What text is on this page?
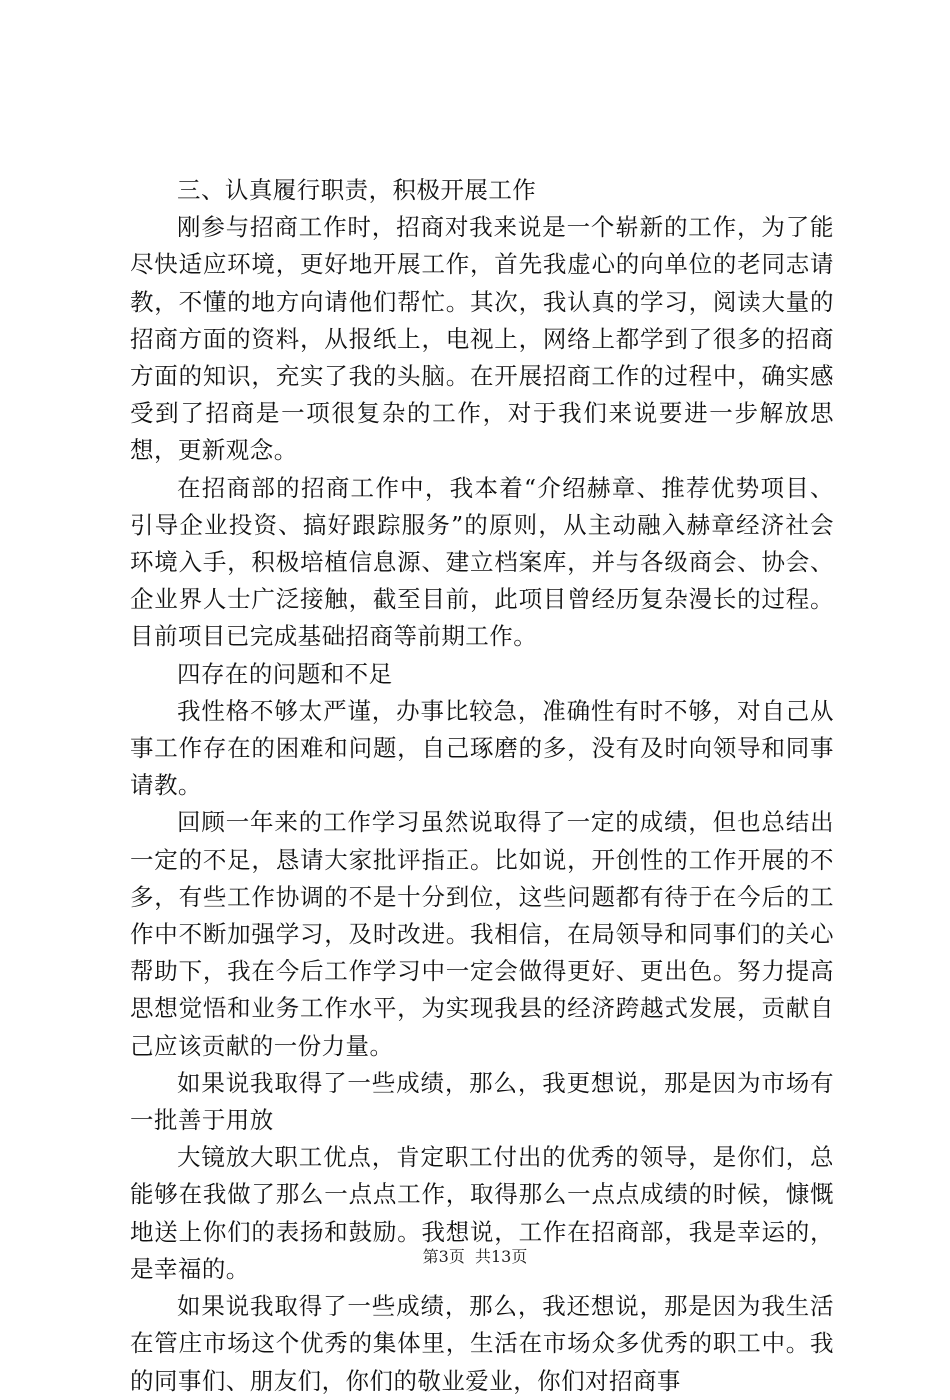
三、认真履行职责，积极开展工作

刚参与招商工作时，招商对我来说是一个崭新的工作，为了能尽快适应环境，更好地开展工作，首先我虚心的向单位的老同志请教，不懂的地方向请他们帮忙。其次，我认真的学习，阅读大量的招商方面的资料，从报纸上，电视上，网络上都学到了很多的招商方面的知识，充实了我的头脑。在开展招商工作的过程中，确实感受到了招商是一项很复杂的工作，对于我们来说要进一步解放思想，更新观念。

在招商部的招商工作中，我本着“介绍赫章、推荐优势项目、引导企业投资、搞好跟踪服务”的原则，从主动融入赫章经济社会环境入手，积极培植信息源、建立档案库，并与各级商会、协会、企业界人士广泛接触，截至目前，此项目曾经历复杂漫长的过程。目前项目已完成基础招商等前期工作。

四存在的问题和不足

我性格不够太严谨，办事比较急，准确性有时不够，对自己从事工作存在的困难和问题，自己琢磨的多，没有及时向领导和同事请教。

回顾一年来的工作学习虽然说取得了一定的成绩，但也总结出一定的不足，恳请大家批评指正。比如说，开创性的工作开展的不多，有些工作协调的不是十分到位，这些问题都有待于在今后的工作中不断加强学习，及时改进。我相信，在局领导和同事们的关心帮助下，我在今后工作学习中一定会做得更好、更出色。努力提高思想觉悟和业务工作水平，为实现我县的经济跨越式发展，贡献自己应该贡献的一份力量。

如果说我取得了一些成绩，那么，我更想说，那是因为市场有一批善于用放

大镜放大职工优点，肯定职工付出的优秀的领导，是你们，总能够在我做了那么一点点工作，取得那么一点点成绩的时候，慷慨地送上你们的表扬和鼓励。我想说，工作在招商部，我是幸运的，是幸福的。

如果说我取得了一些成绩，那么，我还想说，那是因为我生活在管庄市场这个优秀的集体里，生活在市场众多优秀的职工中。我的同事们、朋友们，你们的敬业爱业，你们对招商事

第3页  共13页
